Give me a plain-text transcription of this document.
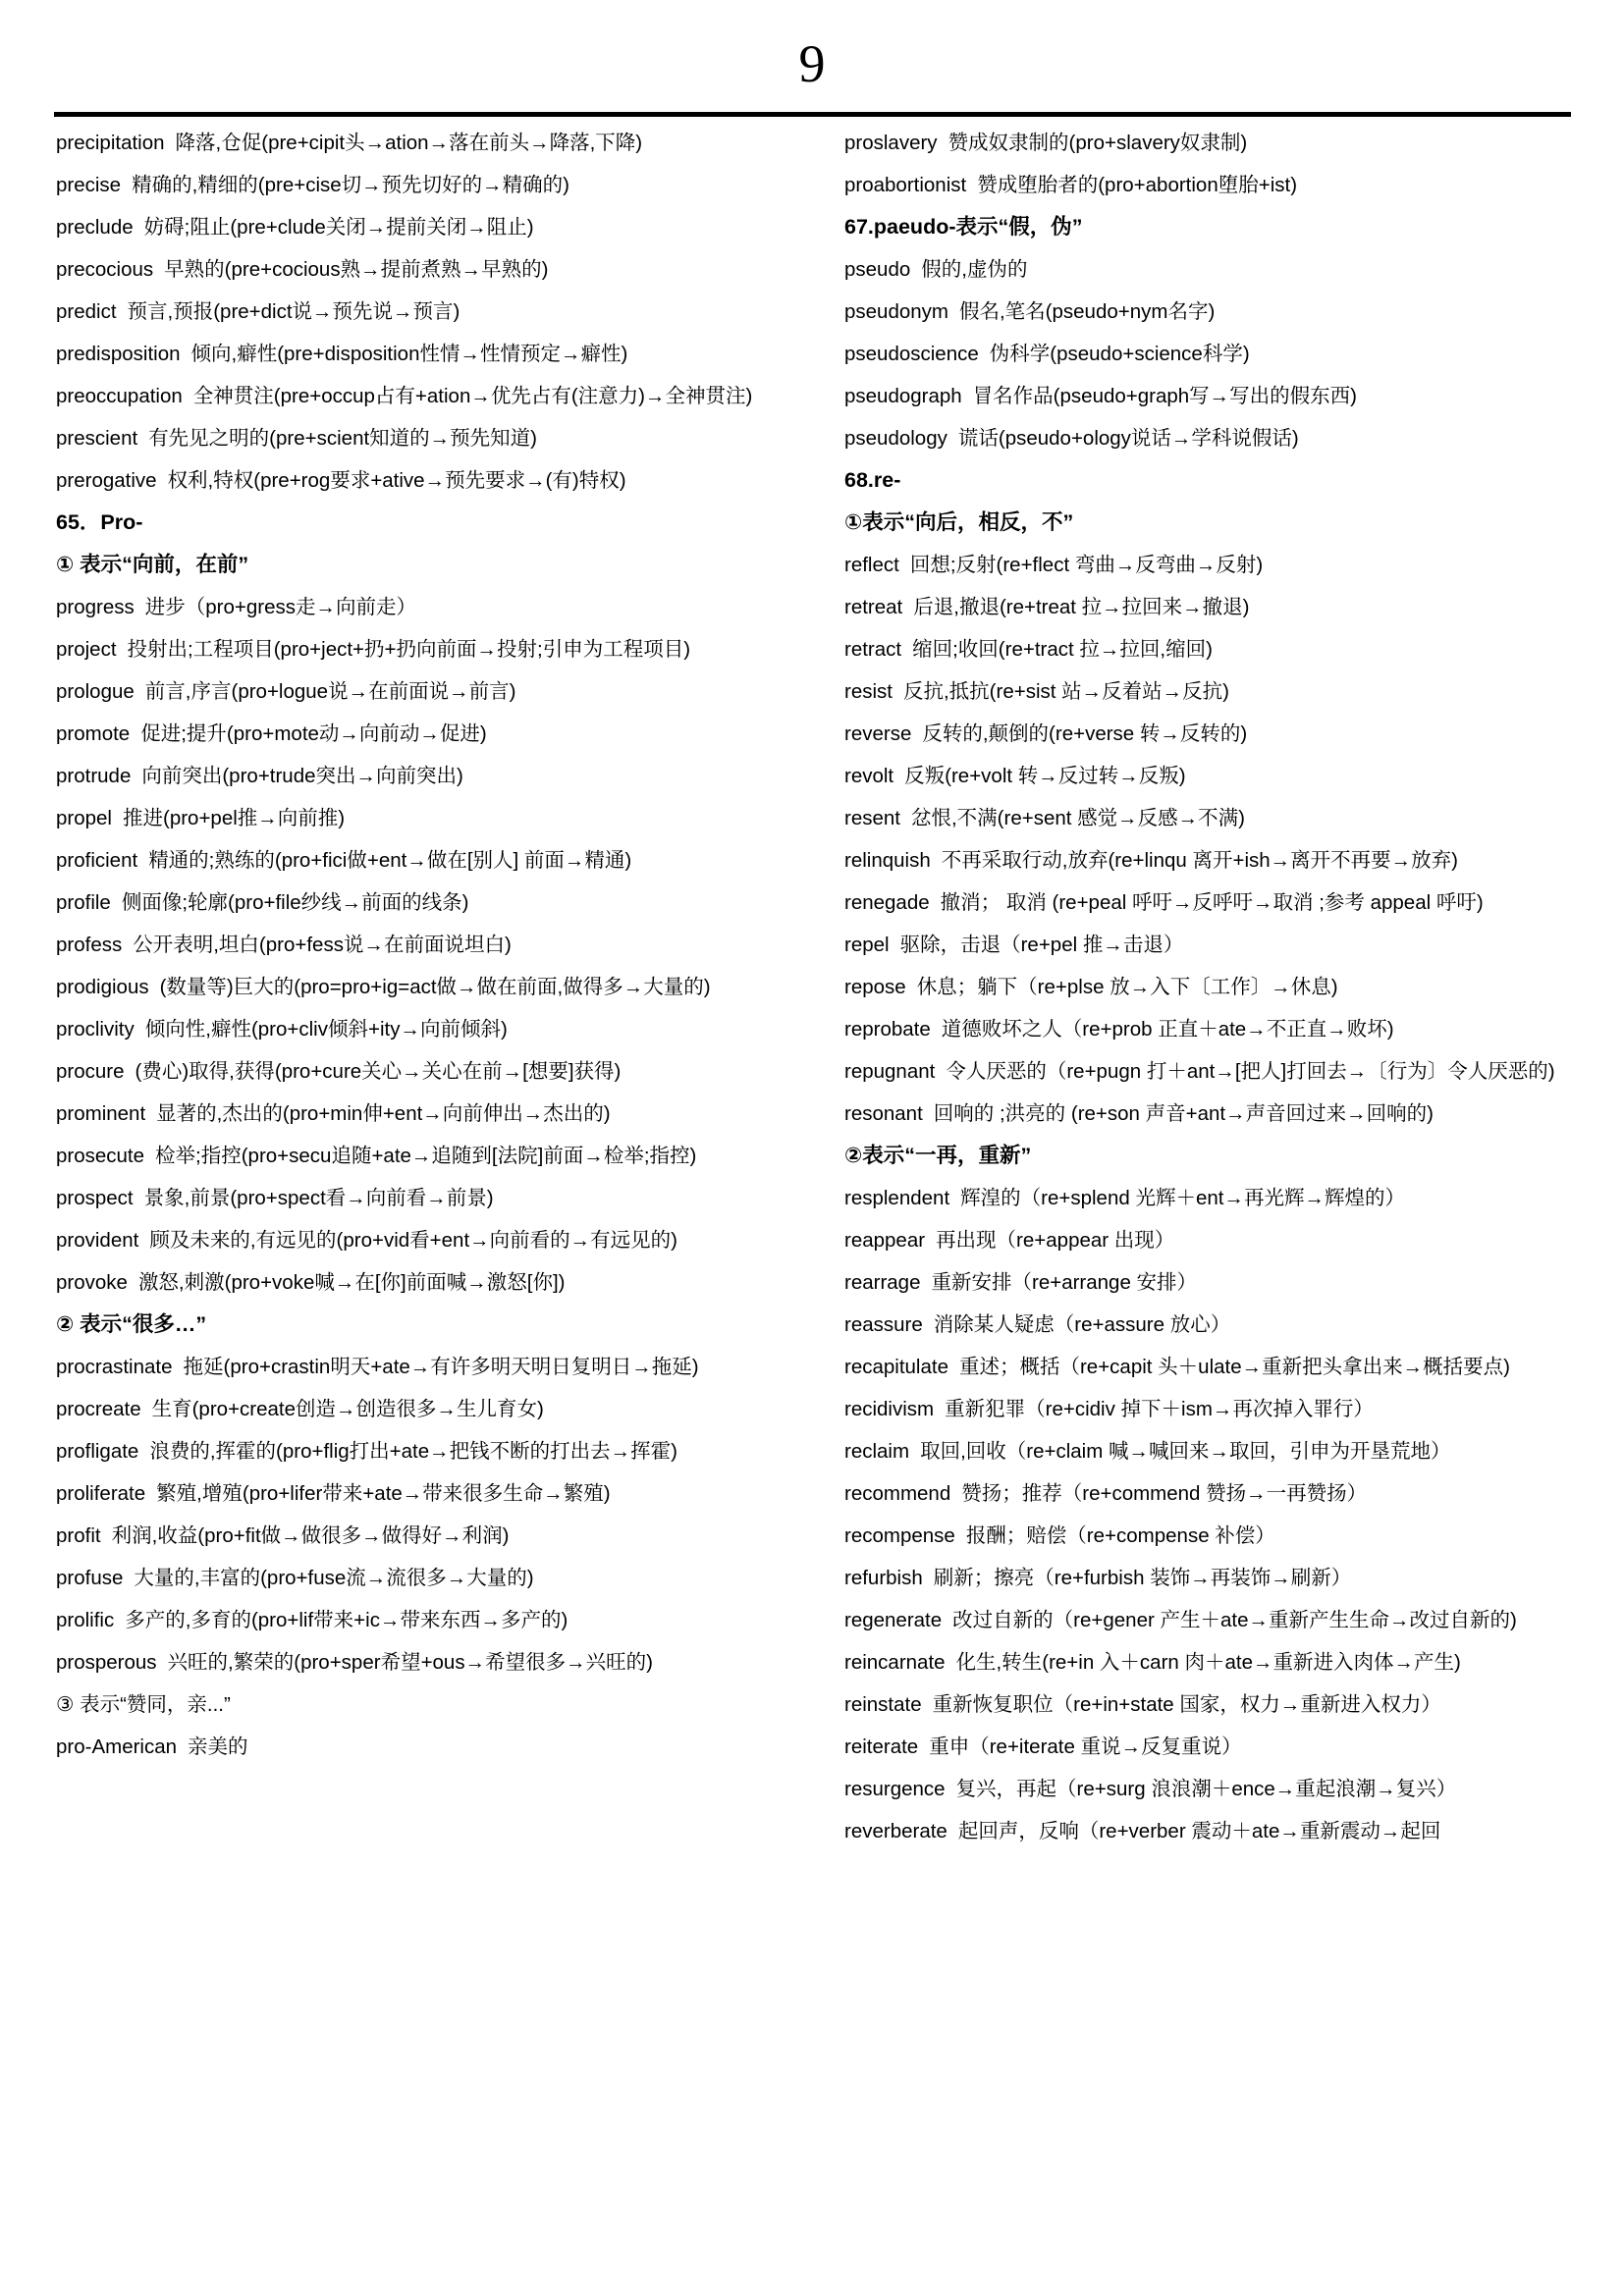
9

precipitation 降落,仓促(pre+cipit头→ation→落在前头→降落,下降)

precise 精确的,精细的(pre+cise切→预先切好的→精确的)

preclude 妨碍;阻止(pre+clude关闭→提前关闭→阻止)

precocious 早熟的(pre+cocious熟→提前煮熟→早熟的)

predict 预言,预报(pre+dict说→预先说→预言)

predisposition 倾向,癖性(pre+disposition性情→性情预定→癖性)

preoccupation 全神贯注(pre+occup占有+ation→优先占有(注意力)→全神贯注)

prescient 有先见之明的(pre+scient知道的→预先知道)

prerogative 权利,特权(pre+rog要求+ative→预先要求→(有)特权)

65．Pro-

① 表示“向前，在前”

progress 进步（pro+gress走→向前走）

project 投射出;工程项目(pro+ject+扔+扔向前面→投射;引申为工程项目)

prologue 前言,序言(pro+logue说→在前面说→前言)

promote 促进;提升(pro+mote动→向前动→促进)

protrude 向前突出(pro+trude突出→向前突出)

propel 推进(pro+pel推→向前推)

proficient 精通的;熟练的(pro+fici做+ent→做在[别人] 前面→精通)

profile 侧面像;轮廓(pro+file纱线→前面的线条)

profess 公开表明,坦白(pro+fess说→在前面说坦白)

prodigious (数量等)巨大的(pro=pro+ig=act做→做在前面,做得多→大量的)

proclivity 倾向性,癖性(pro+cliv倾斜+ity→向前倾斜)

procure (费心)取得,获得(pro+cure关心→关心在前→[想要]获得)

prominent 显著的,杰出的(pro+min伸+ent→向前伸出→杰出的)

prosecute 检举;指控(pro+secu追随+ate→追随到[法院]前面→检举;指控)

prospect 景象,前景(pro+spect看→向前看→前景)

provident 顾及未来的,有远见的(pro+vid看+ent→向前看的→有远见的)

provoke 激怒,刺激(pro+voke喊→在[你]前面喊→激怒[你])

② 表示“很多…”

procrastinate 拖延(pro+crastin明天+ate→有许多明天明日复明日→拖延)

procreate 生育(pro+create创造→创造很多→生儿育女)

profligate 浪费的,挥霍的(pro+flig打出+ate→把钱不断的打出去→挥霍)

proliferate 繁殖,增殖(pro+lifer带来+ate→带来很多生命→繁殖)

profit 利润,收益(pro+fit做→做很多→做得好→利润)

profuse 大量的,丰富的(pro+fuse流→流很多→大量的)

prolific 多产的,多育的(pro+lif带来+ic→带来东西→多产的)

prosperous 兴旺的,繁荣的(pro+sper希望+ous→希望很多→兴旺的)

③ 表示“赞同，亲...”

pro-American 亲美的

proslavery 赞成奴隶制的(pro+slavery奴隶制)

proabortionist 赞成堕胎者的(pro+abortion堕胎+ist)

67.paeudo-表示“假，伪”

pseudo 假的,虚伪的

pseudonym 假名,笔名(pseudo+nym名字)

pseudoscience 伪科学(pseudo+science科学)

pseudograph 冒名作品(pseudo+graph写→写出的假东西)

pseudology 谎话(pseudo+ology说话→学科说假话)

68.re-

①表示“向后，相反，不”

reflect 回想;反射(re+flect 弯曲→反弯曲→反射)

retreat 后退,撤退(re+treat 拉→拉回来→撤退)

retract 缩回;收回(re+tract 拉→拉回,缩回)

resist 反抗,抵抗(re+sist 站→反着站→反抗)

reverse 反转的,颠倒的(re+verse 转→反转的)

revolt 反叛(re+volt 转→反过转→反叛)

resent 忿恨,不满(re+sent 感觉→反感→不满)

relinquish 不再采取行动,放弃(re+linqu 离开+ish→离开不再要→放弃)

renegade 撤消； 取消 (re+peal 呼吁→反呼吁→取消 ;参考 appeal 呼吁)

repel 驱除，击退（re+pel 推→击退）

repose 休息；躺下（re+plse 放→入下〔工作〕→休息)

reprobate 道德败坏之人（re+prob 正直＋ate→不正直→败坏)

repugnant 令人厌恶的（re+pugn 打＋ant→[把人]打回去→〔行为〕令人厌恶的)

resonant 回响的 ;洪亮的 (re+son 声音+ant→声音回过来→回响的)

②表示“一再，重新”

resplendent 辉湟的（re+splend 光辉＋ent→再光辉→辉煌的）

reappear 再出现（re+appear 出现）

rearrage 重新安排（re+arrange 安排）

reassure 消除某人疑虑（re+assure 放心）

recapitulate 重述；概括（re+capit 头＋ulate→重新把头拿出来→概括要点)

recidivism 重新犯罪（re+cidiv 掉下＋ism→再次掉入罪行）

reclaim 取回,回收（re+claim 喊→喊回来→取回，引申为开垦荒地）

recommend 赞扬；推荐（re+commend 赞扬→一再赞扬）

recompense 报酬；赔偿（re+compense 补偿）

refurbish 刷新；擦亮（re+furbish 装饰→再装饰→刷新）

regenerate 改过自新的（re+gener 产生＋ate→重新产生生命→改过自新的)

reincarnate 化生,转生(re+in 入＋carn 肉＋ate→重新进入肉体→产生)

reinstate 重新恢复职位（re+in+state 国家，权力→重新进入权力）

reiterate 重申（re+iterate 重说→反复重说）

resurgence 复兴，再起（re+surg 浪浪潮＋ence→重起浪潮→复兴）

reverberate 起回声，反响（re+verber 震动＋ate→重新震动→起回
